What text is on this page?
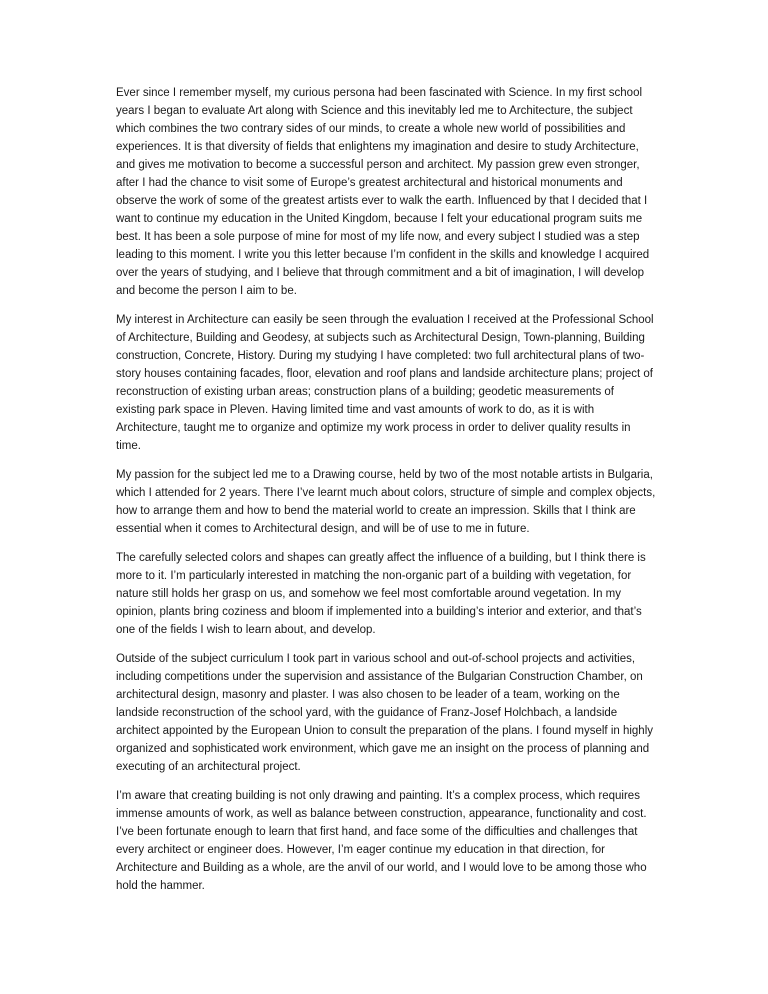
Ever since I remember myself, my curious persona had been fascinated with Science. In my first school years I began to evaluate Art along with Science and this inevitably led me to Architecture, the subject which combines the two contrary sides of our minds, to create a whole new world of possibilities and experiences. It is that diversity of fields that enlightens my imagination and desire to study Architecture, and gives me motivation to become a successful person and architect. My passion grew even stronger, after I had the chance to visit some of Europe’s greatest architectural and historical monuments and observe the work of some of the greatest artists ever to walk the earth. Influenced by that I decided that I want to continue my education in the United Kingdom, because I felt your educational program suits me best. It has been a sole purpose of mine for most of my life now, and every subject I studied was a step leading to this moment. I write you this letter because I’m confident in the skills and knowledge I acquired over the years of studying, and I believe that through commitment and a bit of imagination, I will develop and become the person I aim to be.

My interest in Architecture can easily be seen through the evaluation I received at the Professional School of Architecture, Building and Geodesy, at subjects such as Architectural Design, Town-planning, Building construction, Concrete, History. During my studying I have completed: two full architectural plans of two-story houses containing facades, floor, elevation and roof plans and landside architecture plans; project of reconstruction of existing urban areas; construction plans of a building; geodetic measurements of existing park space in Pleven. Having limited time and vast amounts of work to do, as it is with Architecture, taught me to organize and optimize my work process in order to deliver quality results in time.

My passion for the subject led me to a Drawing course, held by two of the most notable artists in Bulgaria, which I attended for 2 years. There I’ve learnt much about colors, structure of simple and complex objects, how to arrange them and how to bend the material world to create an impression. Skills that I think are essential when it comes to Architectural design, and will be of use to me in future.

The carefully selected colors and shapes can greatly affect the influence of a building, but I think there is more to it. I’m particularly interested in matching the non-organic part of a building with vegetation, for nature still holds her grasp on us, and somehow we feel most comfortable around vegetation. In my opinion, plants bring coziness and bloom if implemented into a building’s interior and exterior, and that’s one of the fields I wish to learn about, and develop.

Outside of the subject curriculum I took part in various school and out-of-school projects and activities, including competitions under the supervision and assistance of the Bulgarian Construction Chamber, on architectural design, masonry and plaster. I was also chosen to be leader of a team, working on the landside reconstruction of the school yard, with the guidance of Franz-Josef Holchbach, a landside architect appointed by the European Union to consult the preparation of the plans. I found myself in highly organized and sophisticated work environment, which gave me an insight on the process of planning and executing of an architectural project.

I’m aware that creating building is not only drawing and painting. It’s a complex process, which requires immense amounts of work, as well as balance between construction, appearance, functionality and cost. I’ve been fortunate enough to learn that first hand, and face some of the difficulties and challenges that every architect or engineer does. However, I’m eager continue my education in that direction, for Architecture and Building as a whole, are the anvil of our world, and I would love to be among those who hold the hammer.
